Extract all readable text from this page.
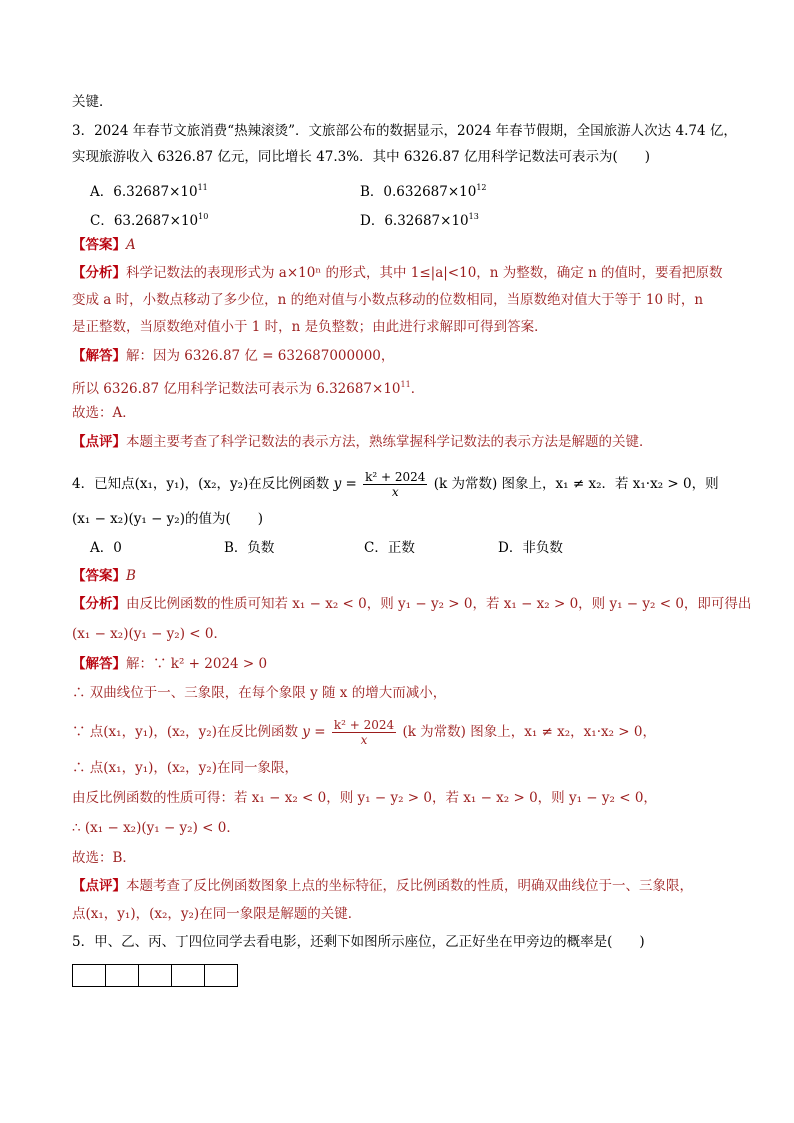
关键．
3．2024 年春节文旅消费“热辣滚烫”．文旅部公布的数据显示，2024 年春节假期，全国旅游人次达 4.74 亿，
实现旅游收入 6326.87 亿元，同比增长 47.3%．其中 6326.87 亿用科学记数法可表示为(　　)
A．$6.32687\times 10^{11}$	B．$0.632687\times 10^{12}$
C．$63.2687\times 10^{10}$	D．$6.32687\times 10^{13}$
【答案】A
【分析】科学记数法的表现形式为 a×10ⁿ 的形式，其中 1≤|a|<10，n 为整数，确定 n 的值时，要看把原数
变成 a 时，小数点移动了多少位，n 的绝对值与小数点移动的位数相同，当原数绝对值大于等于 10 时，n
是正整数，当原数绝对值小于 1 时，n 是负整数；由此进行求解即可得到答案．
【解答】解：因为 6326.87 亿 = 632687000000，
所以 6326.87 亿用科学记数法可表示为 $6.32687\times 10^{11}$．
故选：A．
【点评】本题主要考查了科学记数法的表示方法，熟练掌握科学记数法的表示方法是解题的关键．
4．已知点(x₁，y₁)，(x₂，y₂)在反比例函数 $y = \frac{\text{k² + 2024}}{x} (k$ 为常数) 图象上，x₁ ≠ x₂．若 x₁·x₂ > 0，则
(x₁ − x₂)(y₁ − y₂)的值为(　　)
A．0	B．负数	C．正数	D．非负数
【答案】B
【分析】由反比例函数的性质可知若 x₁ − x₂ < 0，则 y₁ − y₂ > 0，若 x₁ − x₂ > 0，则 y₁ − y₂ < 0，即可得出
(x₁ − x₂)(y₁ − y₂) < 0．
【解答】解：∵ k² + 2024 > 0
∴ 双曲线位于一、三象限，在每个象限 y 随 x 的增大而减小，
∵ 点(x₁，y₁)，(x₂，y₂)在反比例函数 $y = \frac{\text{k² + 2024}}{x} (k$ 为常数) 图象上，x₁ ≠ x₂，x₁·x₂ > 0，
∴ 点(x₁，y₁)，(x₂，y₂)在同一象限，
由反比例函数的性质可得：若 x₁ − x₂ < 0，则 y₁ − y₂ > 0，若 x₁ − x₂ > 0，则 y₁ − y₂ < 0，
∴ (x₁ − x₂)(y₁ − y₂) < 0．
故选：B．
【点评】本题考查了反比例函数图象上点的坐标特征，反比例函数的性质，明确双曲线位于一、三象限，
点(x₁，y₁)，(x₂，y₂)在同一象限是解题的关键．
5．甲、乙、丙、丁四位同学去看电影，还剩下如图所示座位，乙正好坐在甲旁边的概率是(　　)
